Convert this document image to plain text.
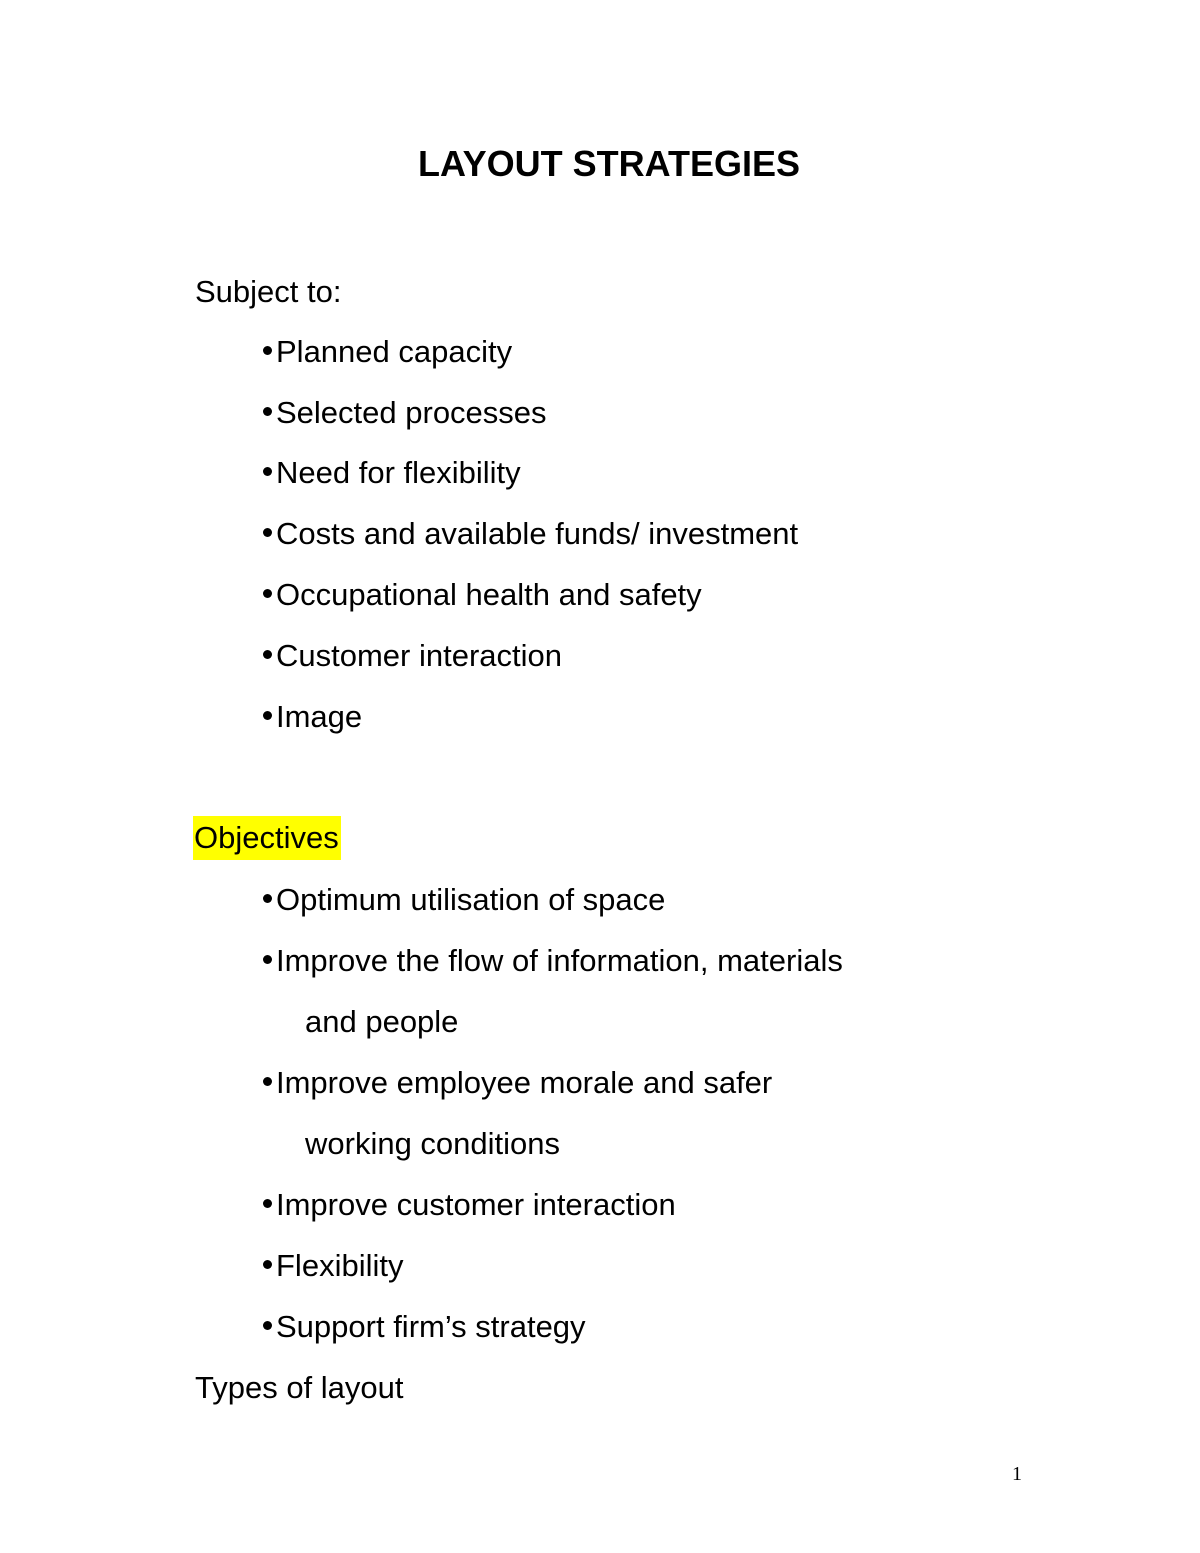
LAYOUT STRATEGIES
Subject to:
Planned capacity
Selected processes
Need for flexibility
Costs and available funds/ investment
Occupational health and safety
Customer interaction
Image
Objectives
Optimum utilisation of space
Improve the flow of information, materials
and people
Improve employee morale and safer
working conditions
Improve customer interaction
Flexibility
Support firm’s strategy
Types of layout
1
